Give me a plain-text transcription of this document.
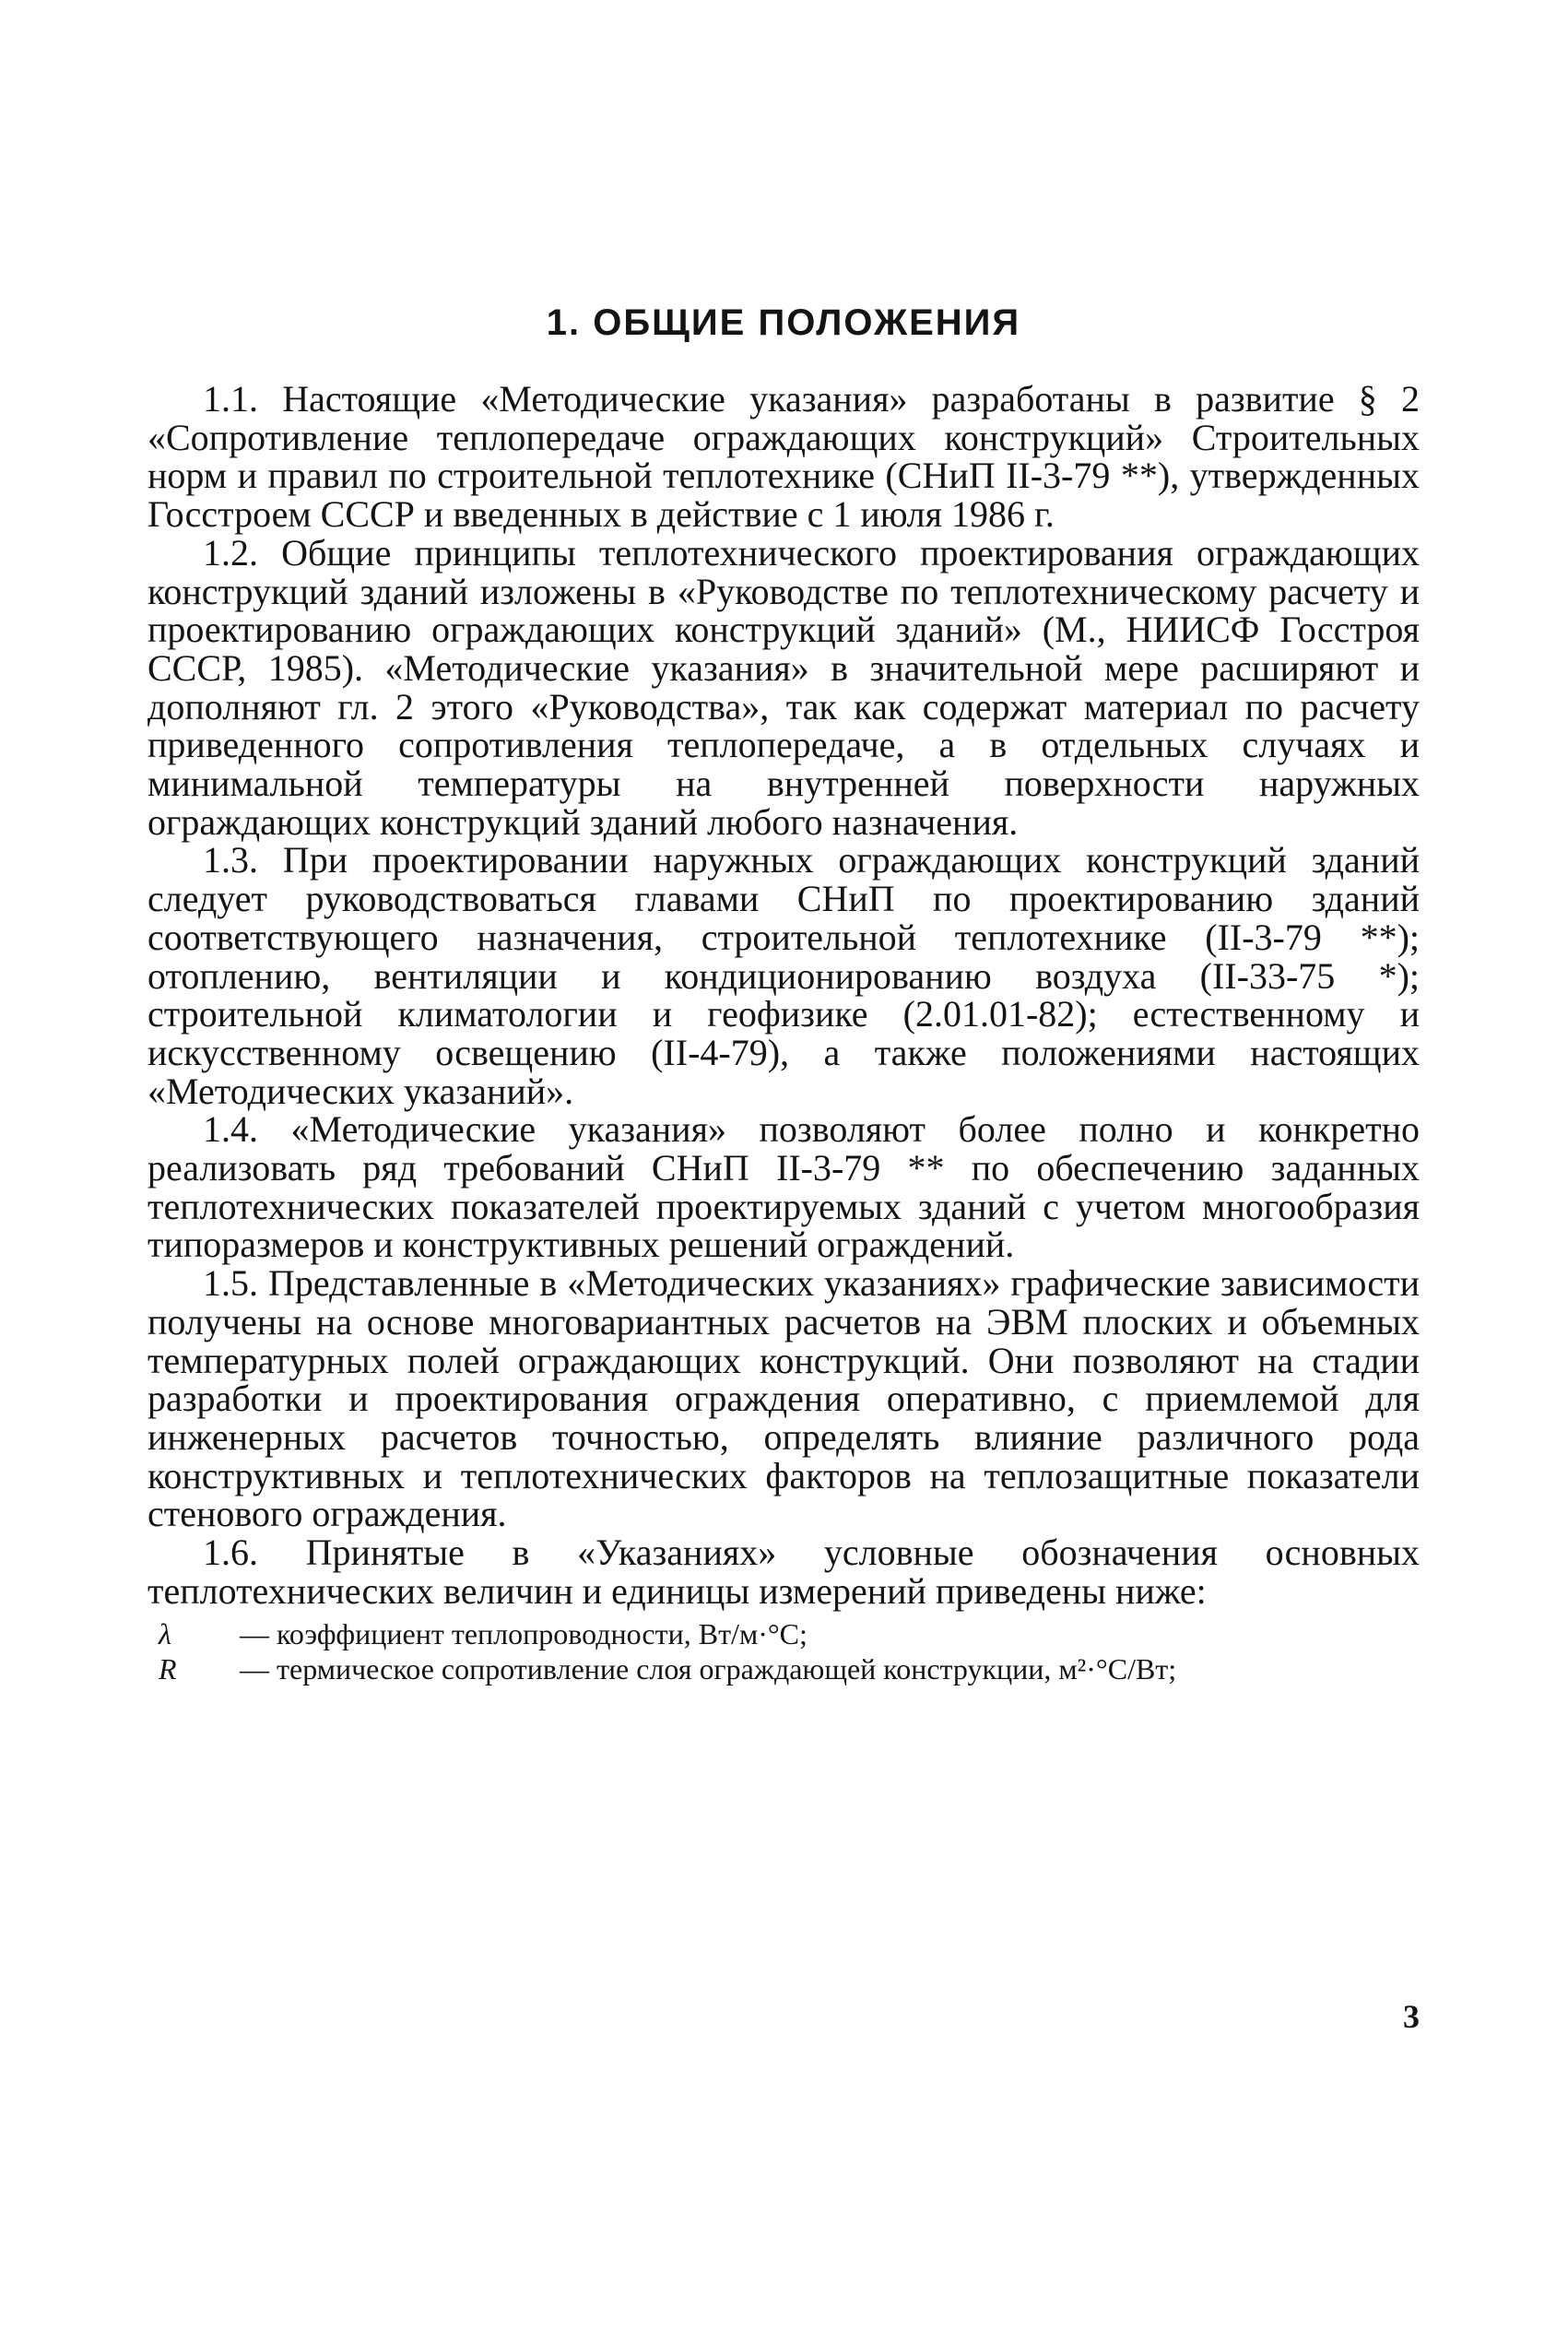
1. ОБЩИЕ ПОЛОЖЕНИЯ

1.1. Настоящие «Методические указания» разработаны в развитие § 2 «Сопротивление теплопередаче ограждающих конструкций» Строительных норм и правил по строительной теплотехнике (СНиП II-3-79 **), утвержденных Госстроем СССР и введенных в действие с 1 июля 1986 г.

1.2. Общие принципы теплотехнического проектирования ограждающих конструкций зданий изложены в «Руководстве по теплотехническому расчету и проектированию ограждающих конструкций зданий» (М., НИИСФ Госстроя СССР, 1985). «Методические указания» в значительной мере расширяют и дополняют гл. 2 этого «Руководства», так как содержат материал по расчету приведенного сопротивления теплопередаче, а в отдельных случаях и минимальной температуры на внутренней поверхности наружных ограждающих конструкций зданий любого назначения.

1.3. При проектировании наружных ограждающих конструкций зданий следует руководствоваться главами СНиП по проектированию зданий соответствующего назначения, строительной теплотехнике (II-3-79 **); отоплению, вентиляции и кондиционированию воздуха (II-33-75 *); строительной климатологии и геофизике (2.01.01-82); естественному и искусственному освещению (II-4-79), а также положениями настоящих «Методических указаний».

1.4. «Методические указания» позволяют более полно и конкретно реализовать ряд требований СНиП II-3-79 ** по обеспечению заданных теплотехнических показателей проектируемых зданий с учетом многообразия типоразмеров и конструктивных решений ограждений.

1.5. Представленные в «Методических указаниях» графические зависимости получены на основе многовариантных расчетов на ЭВМ плоских и объемных температурных полей ограждающих конструкций. Они позволяют на стадии разработки и проектирования ограждения оперативно, с приемлемой для инженерных расчетов точностью, определять влияние различного рода конструктивных и теплотехнических факторов на теплозащитные показатели стенового ограждения.

1.6. Принятые в «Указаниях» условные обозначения основных теплотехнических величин и единицы измерений приведены ниже:

λ	— коэффициент теплопроводности, Вт/м·°С;
R	— термическое сопротивление слоя ограждающей конструкции, м²·°С/Вт;
3
